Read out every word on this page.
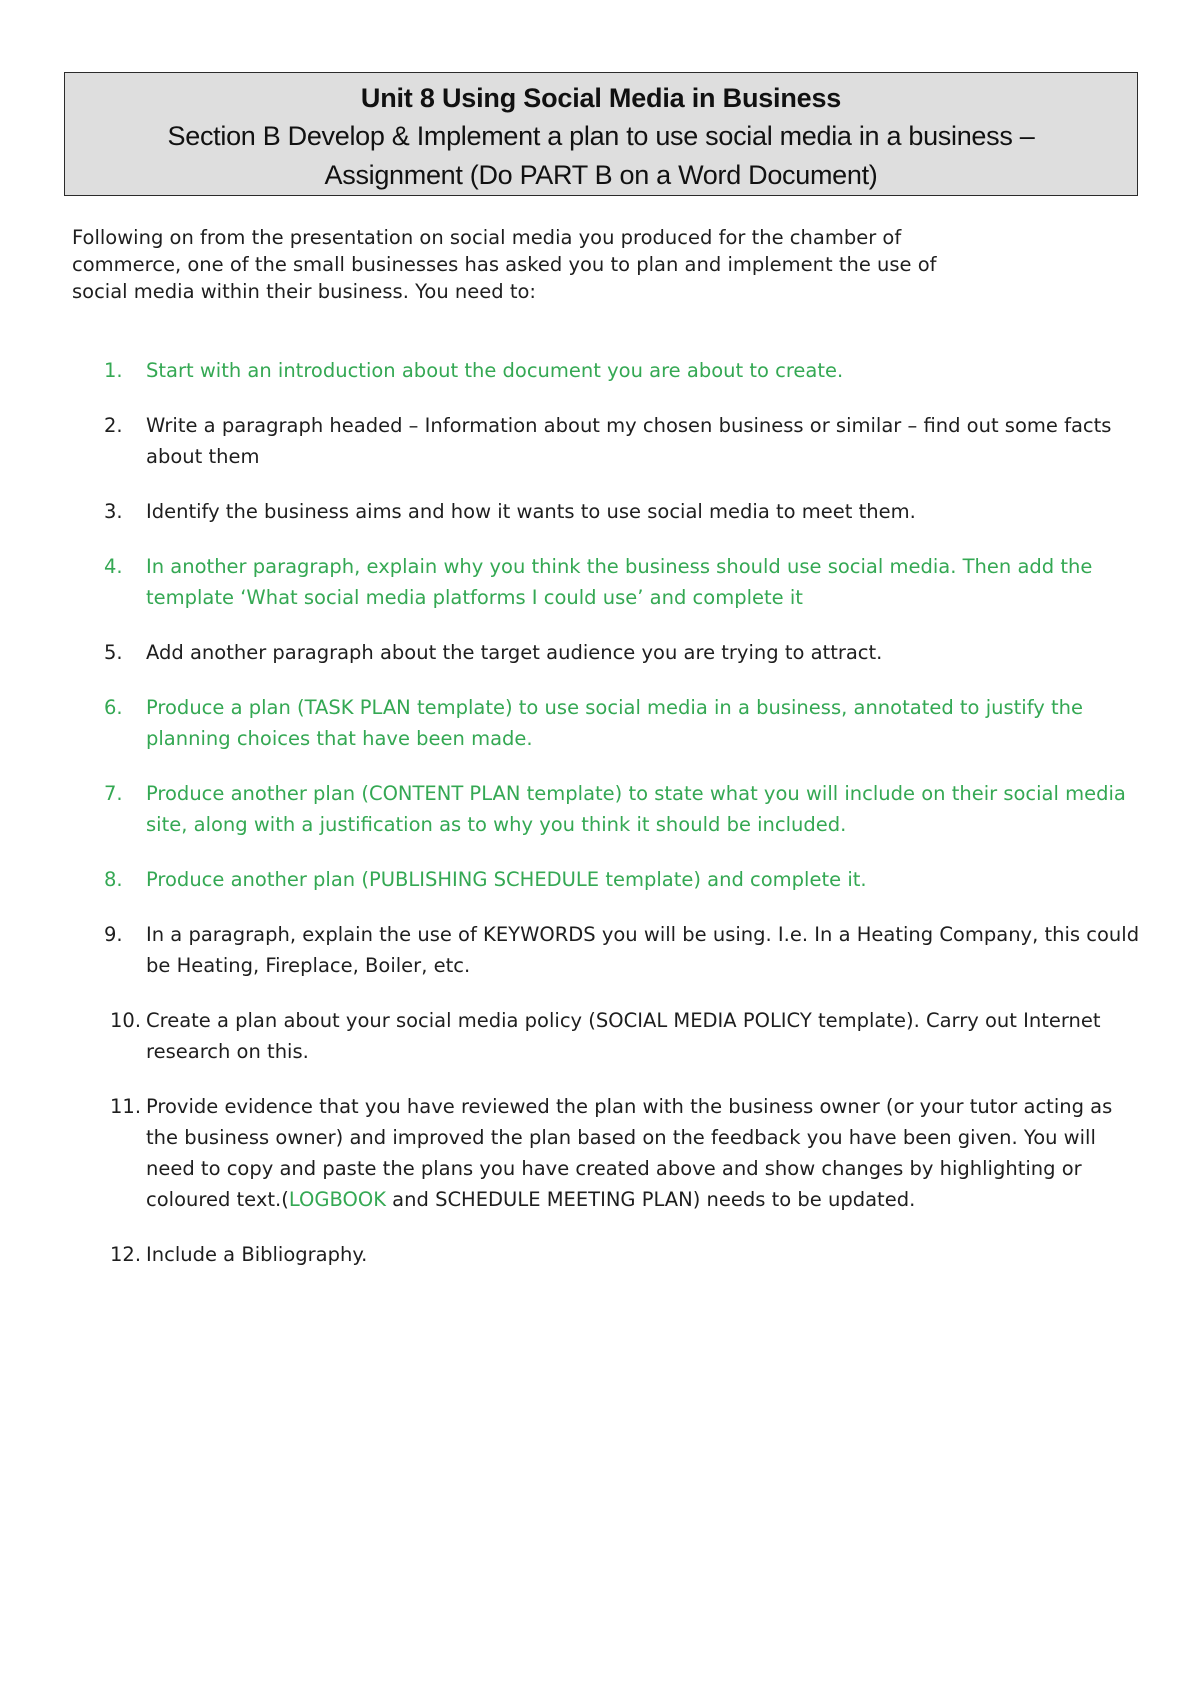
Unit 8 Using Social Media in Business
Section B Develop & Implement a plan to use social media in a business –
Assignment (Do PART B on a Word Document)
Following on from the presentation on social media you produced for the chamber of
commerce, one of the small businesses has asked you to plan and implement the use of
social media within their business. You need to:
1.	Start with an introduction about the document you are about to create.
2.	Write a paragraph headed – Information about my chosen business or similar – find out some facts about them
3.	Identify the business aims and how it wants to use social media to meet them.
4.	In another paragraph, explain why you think the business should use social media. Then add the template ‘What social media platforms I could use’ and complete it
5.	Add another paragraph about the target audience you are trying to attract.
6.	Produce a plan (TASK PLAN template) to use social media in a business, annotated to justify the planning choices that have been made.
7.	Produce another plan (CONTENT PLAN template) to state what you will include on their social media site, along with a justification as to why you think it should be included.
8.	Produce another plan (PUBLISHING SCHEDULE template) and complete it.
9.	In a paragraph, explain the use of KEYWORDS you will be using. I.e. In a Heating Company, this could be Heating, Fireplace, Boiler, etc.
10. Create a plan about your social media policy (SOCIAL MEDIA POLICY template). Carry out Internet research on this.
11. Provide evidence that you have reviewed the plan with the business owner (or your tutor acting as the business owner) and improved the plan based on the feedback you have been given. You will need to copy and paste the plans you have created above and show changes by highlighting or coloured text.(LOGBOOK and SCHEDULE MEETING PLAN) needs to be updated.
12. Include a Bibliography.
